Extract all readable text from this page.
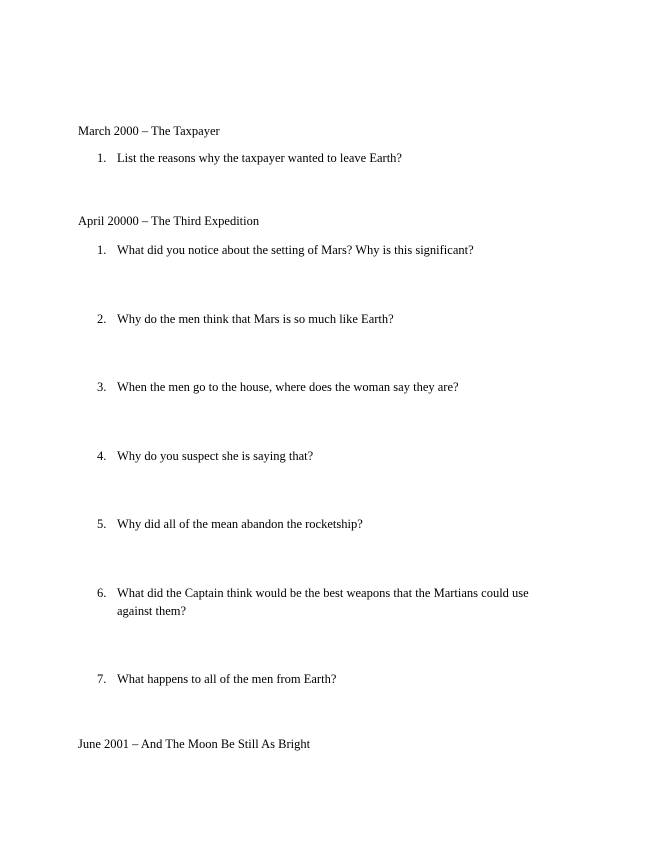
March 2000 – The Taxpayer
1. List the reasons why the taxpayer wanted to leave Earth?
April 20000 – The Third Expedition
1. What did you notice about the setting of Mars? Why is this significant?
2. Why do the men think that Mars is so much like Earth?
3. When the men go to the house, where does the woman say they are?
4. Why do you suspect she is saying that?
5. Why did all of the mean abandon the rocketship?
6. What did the Captain think would be the best weapons that the Martians could use against them?
7. What happens to all of the men from Earth?
June 2001 – And The Moon Be Still As Bright
